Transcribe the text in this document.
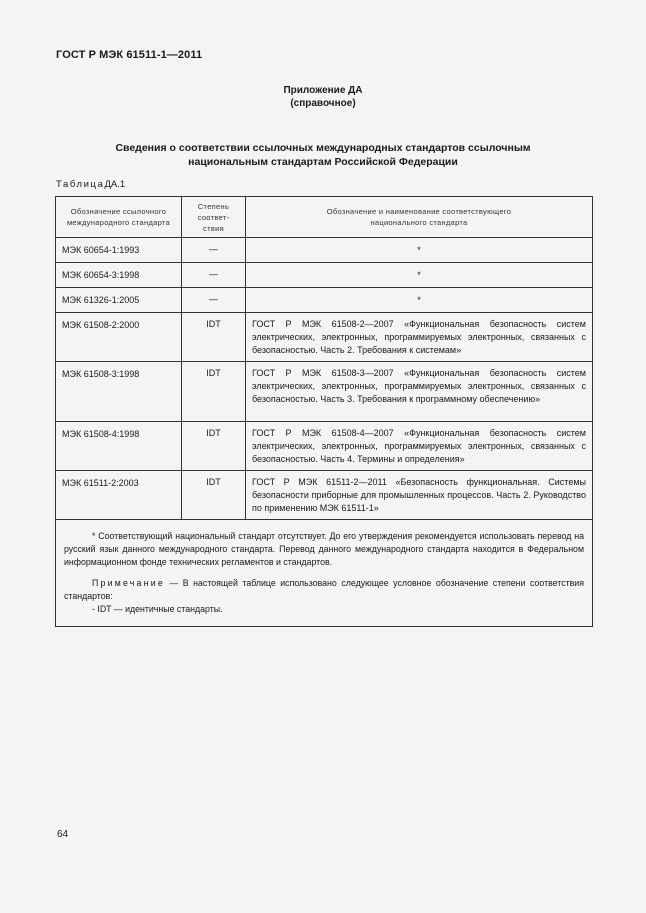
ГОСТ Р МЭК 61511-1—2011
Приложение ДА
(справочное)
Сведения о соответствии ссылочных международных стандартов ссылочным
национальным стандартам Российской Федерации
ТаблицаДА.1
Обозначение ссылочного международного стандарта	Степень соответ-ствия	Обозначение и наименование соответствующего национального стандарта
МЭК 60654-1:1993	—	*
МЭК 60654-3:1998	—	*
МЭК 61326-1:2005	—	*
МЭК 61508-2:2000	IDT	ГОСТ Р МЭК 61508-2—2007 «Функциональная безопасность систем электрических, электронных, программируемых электронных, связанных с безопасностью. Часть 2. Требования к системам»
МЭК 61508-3:1998	IDT	ГОСТ Р МЭК 61508-3—2007 «Функциональная безопасность систем электрических, электронных, программируемых электронных, связанных с безопасностью. Часть 3. Требования к программному обеспечению»
МЭК 61508-4:1998	IDT	ГОСТ Р МЭК 61508-4—2007 «Функциональная безопасность систем электрических, электронных, программируемых электронных, связанных с безопасностью. Часть 4. Термины и определения»
МЭК 61511-2:2003	IDT	ГОСТ Р МЭК 61511-2—2011 «Безопасность функциональная. Системы безопасности приборные для промышленных процессов. Часть 2. Руководство по применению МЭК 61511-1»

* Соответствующий национальный стандарт отсутствует. До его утверждения рекомендуется использовать перевод на русский язык данного международного стандарта. Перевод данного международного стандарта находится в Федеральном информационном фонде технических регламентов и стандартов.

Примечание — В настоящей таблице использовано следующее условное обозначение степени соответствия стандартов:

- IDT — идентичные стандарты.		

64
